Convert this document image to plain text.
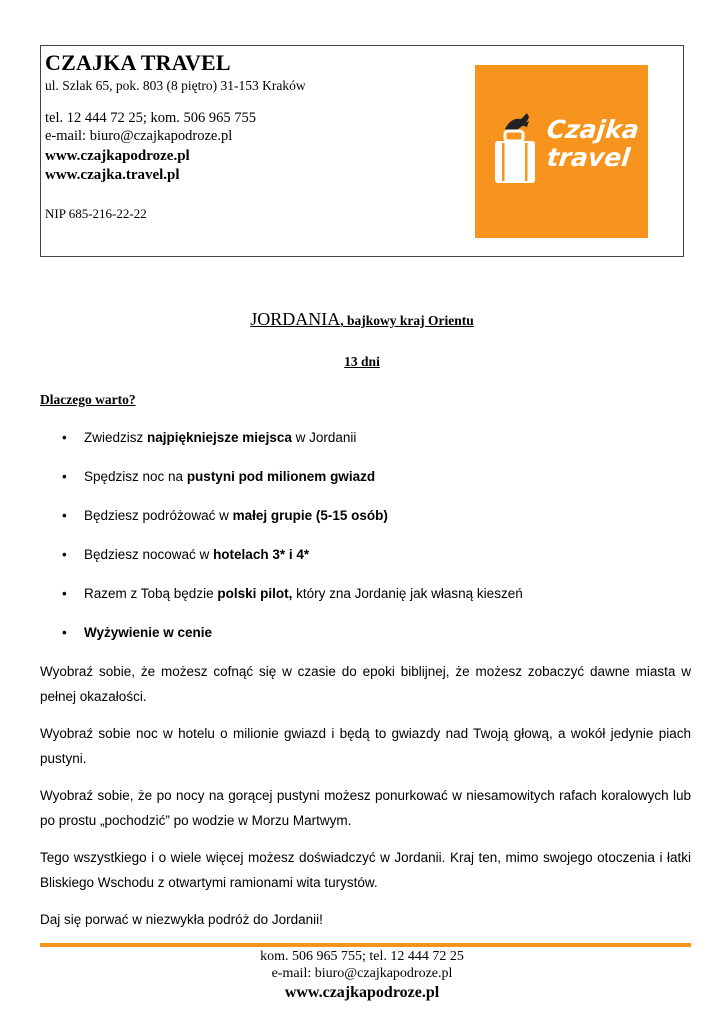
CZAJKA TRAVEL
ul. Szlak 65, pok. 803 (8 piętro) 31-153 Kraków
tel. 12 444 72 25; kom. 506 965 755
e-mail: biuro@czajkapodroze.pl
www.czajkapodroze.pl
www.czajka.travel.pl
NIP 685-216-22-22
Czajka
travel
JORDANIA, bajkowy kraj Orientu
13 dni
Dlaczego warto?
• Zwiedzisz najpiękniejsze miejsca w Jordanii
• Spędzisz noc na pustyni pod milionem gwiazd
• Będziesz podróżować w małej grupie (5-15 osób)
• Będziesz nocować w hotelach 3* i 4*
• Razem z Tobą będzie polski pilot, który zna Jordanię jak własną kieszeń
• Wyżywienie w cenie
Wyobraź sobie, że możesz cofnąć się w czasie do epoki biblijnej, że możesz zobaczyć dawne miasta w pełnej okazałości.
Wyobraź sobie noc w hotelu o milionie gwiazd i będą to gwiazdy nad Twoją głową, a wokół jedynie piach pustyni.
Wyobraź sobie, że po nocy na gorącej pustyni możesz ponurkować w niesamowitych rafach koralowych lub po prostu „pochodzić” po wodzie w Morzu Martwym.
Tego wszystkiego i o wiele więcej możesz doświadczyć w Jordanii. Kraj ten, mimo swojego otoczenia i łatki Bliskiego Wschodu z otwartymi ramionami wita turystów.
Daj się porwać w niezwykła podróż do Jordanii!
kom. 506 965 755; tel. 12 444 72 25
e-mail: biuro@czajkapodroze.pl
www.czajkapodroze.pl
